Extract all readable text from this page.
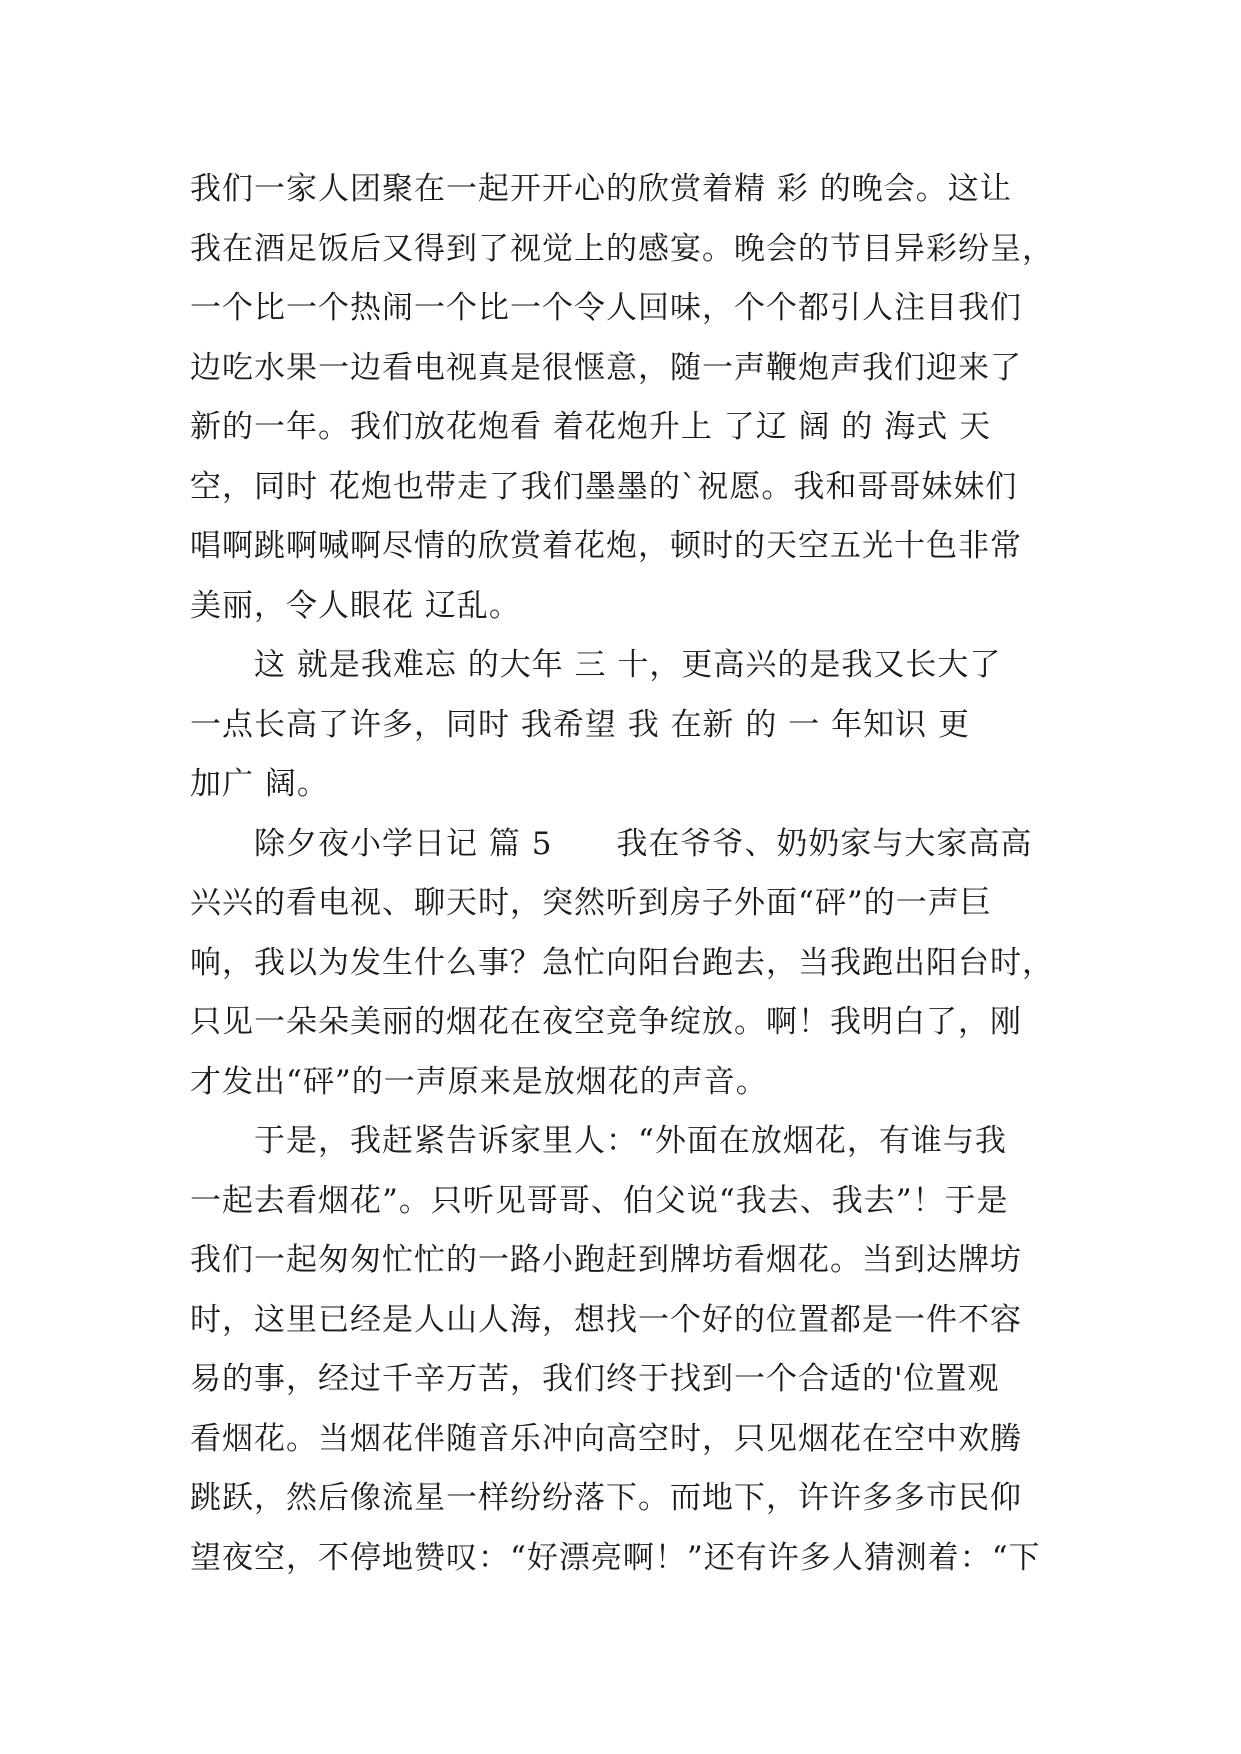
我们一家人团聚在一起开开心的欣赏着精 彩 的晚会。这让
我在酒足饭后又得到了视觉上的感宴。晚会的节目异彩纷呈，
一个比一个热闹一个比一个令人回味，个个都引人注目我们
边吃水果一边看电视真是很惬意，随一声鞭炮声我们迎来了
新的一年。我们放花炮看 着花炮升上 了辽 阔 的 海式 天
空，同时 花炮也带走了我们墨墨的`祝愿。我和哥哥妹妹们
唱啊跳啊喊啊尽情的欣赏着花炮，顿时的天空五光十色非常
美丽，令人眼花 辽乱。
这 就是我难忘 的大年 三 十，更高兴的是我又长大了
一点长高了许多，同时 我希望 我 在新 的 一 年知识 更
加广 阔。
除夕夜小学日记 篇 5　　我在爷爷、奶奶家与大家高高
兴兴的看电视、聊天时，突然听到房子外面“砰”的一声巨
响，我以为发生什么事？急忙向阳台跑去，当我跑出阳台时，
只见一朵朵美丽的烟花在夜空竞争绽放。啊！我明白了，刚
才发出“砰”的一声原来是放烟花的声音。
于是，我赶紧告诉家里人：“外面在放烟花，有谁与我
一起去看烟花”。只听见哥哥、伯父说“我去、我去”！于是
我们一起匆匆忙忙的一路小跑赶到牌坊看烟花。当到达牌坊
时，这里已经是人山人海，想找一个好的位置都是一件不容
易的事，经过千辛万苦，我们终于找到一个合适的'位置观
看烟花。当烟花伴随音乐冲向高空时，只见烟花在空中欢腾
跳跃，然后像流星一样纷纷落下。而地下，许许多多市民仰
望夜空，不停地赞叹：“好漂亮啊！”还有许多人猜测着：“下
